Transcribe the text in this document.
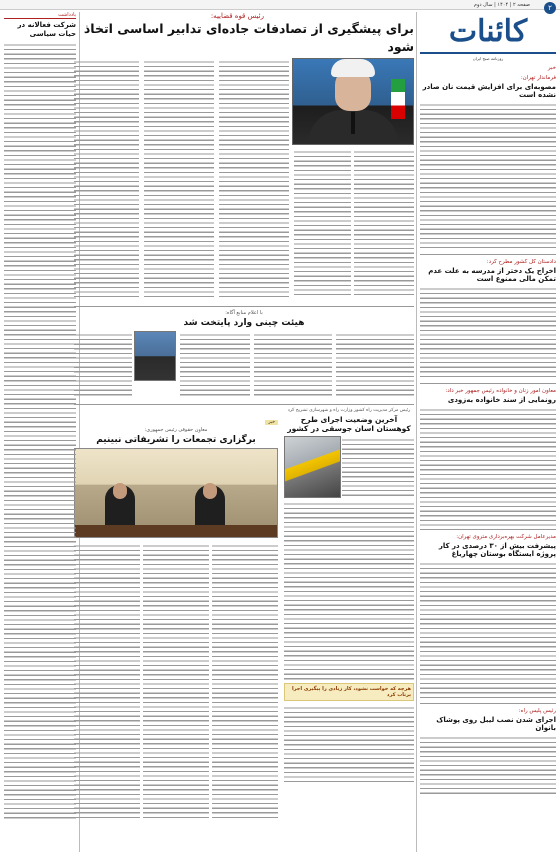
صفحه ۲ | ۱۴۰۴ | سال دوم	۲
کائنات
روزنامه صبح ایران
خبر
فرماندار تهران:
مصوبه‌ای برای افزایش قیمت نان صادر نشده است
دادستان کل کشور مطرح کرد:
اخراج یک دختر از مدرسه به علت عدم تمکن مالی ممنوع است
معاون امور زنان و خانواده رئیس جمهور خبر داد:
رونمایی از سند خانواده به‌زودی
مدیرعامل شرکت بهره‌برداری متروی تهران:
پیشرفت بیش از ۳۰ درصدی در کار پروژه ایستگاه بوستان چهارباغ
رئیس پلیس راه:
اجرای شدن نصب لیبل روی پوشاک بانوان
رئیس قوه قضاییه:
برای پیشگیری از تصادفات جاده‌ای تدابیر اساسی اتخاذ شود
با اعلام منابع آگاه:
هیئت چینی وارد پایتخت شد
رئیس مرکز مدیریت راه کشور وزارت راه و شهرسازی تشریح کرد
آخرین وضعیت اجرای طرح کوهستان اسان جوسقی در کشور
هرچه که خواست نشود، کار زیادی را پیگیری اجرا پرتاب کرد
خبر
معاون حقوقی رئیس جمهوری:
برگزاری تجمعات را تشریفاتی نبینیم
یادداشت
شرکت فعالانه در حیات سیاسی
